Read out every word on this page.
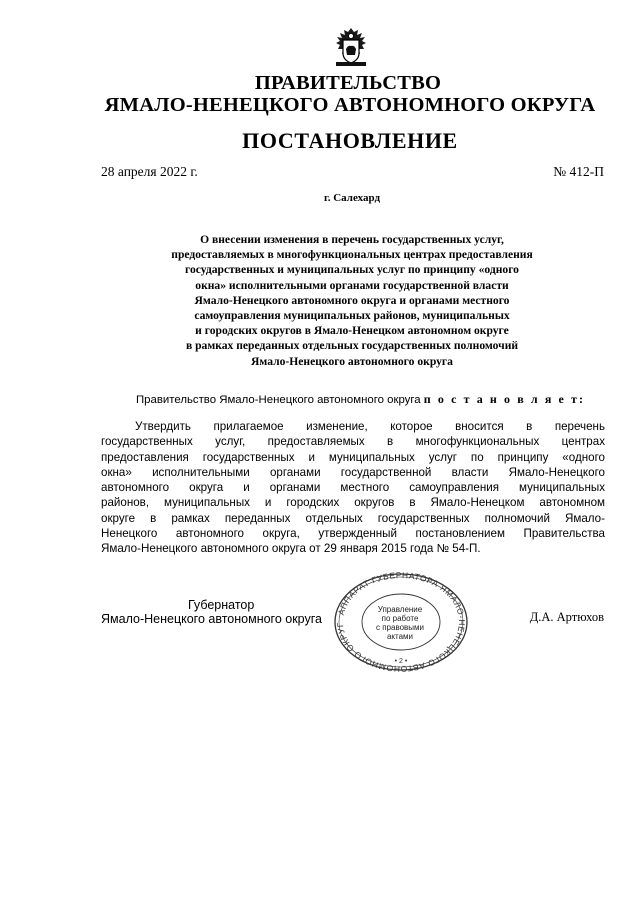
ПРАВИТЕЛЬСТВО
ЯМАЛО-НЕНЕЦКОГО АВТОНОМНОГО ОКРУГА
ПОСТАНОВЛЕНИЕ
28 апреля 2022 г.	№ 412-П
г. Салехард
О внесении изменения в перечень государственных услуг,
предоставляемых в многофункциональных центрах предоставления
государственных и муниципальных услуг по принципу «одного
окна» исполнительными органами государственной власти
Ямало-Ненецкого автономного округа и органами местного
самоуправления муниципальных районов, муниципальных
и городских округов в Ямало-Ненецком автономном округе
в рамках переданных отдельных государственных полномочий
Ямало-Ненецкого автономного округа
Правительство Ямало-Ненецкого автономного округа п о с т а н о в л я е т:
Утвердить прилагаемое изменение, которое вносится в перечень
государственных услуг, предоставляемых в многофункциональных центрах
предоставления государственных и муниципальных услуг по принципу «одного
окна» исполнительными органами государственной власти Ямало-Ненецкого
автономного округа и органами местного самоуправления муниципальных
районов, муниципальных и городских округов в Ямало-Ненецком автономном
округе в рамках переданных отдельных государственных полномочий Ямало-
Ненецкого автономного округа, утвержденный постановлением Правительства
Ямало-Ненецкого автономного округа от 29 января 2015 года № 54-П.
Губернатор
Ямало-Ненецкого автономного округа	Д.А. Артюхов
АППАРАТ ГУБЕРНАТОРА ЯМАЛО-НЕНЕЦКОГО АВТОНОМНОГО ОКРУГ
• 2 •
Управление
по работе
с правовыми
актами
